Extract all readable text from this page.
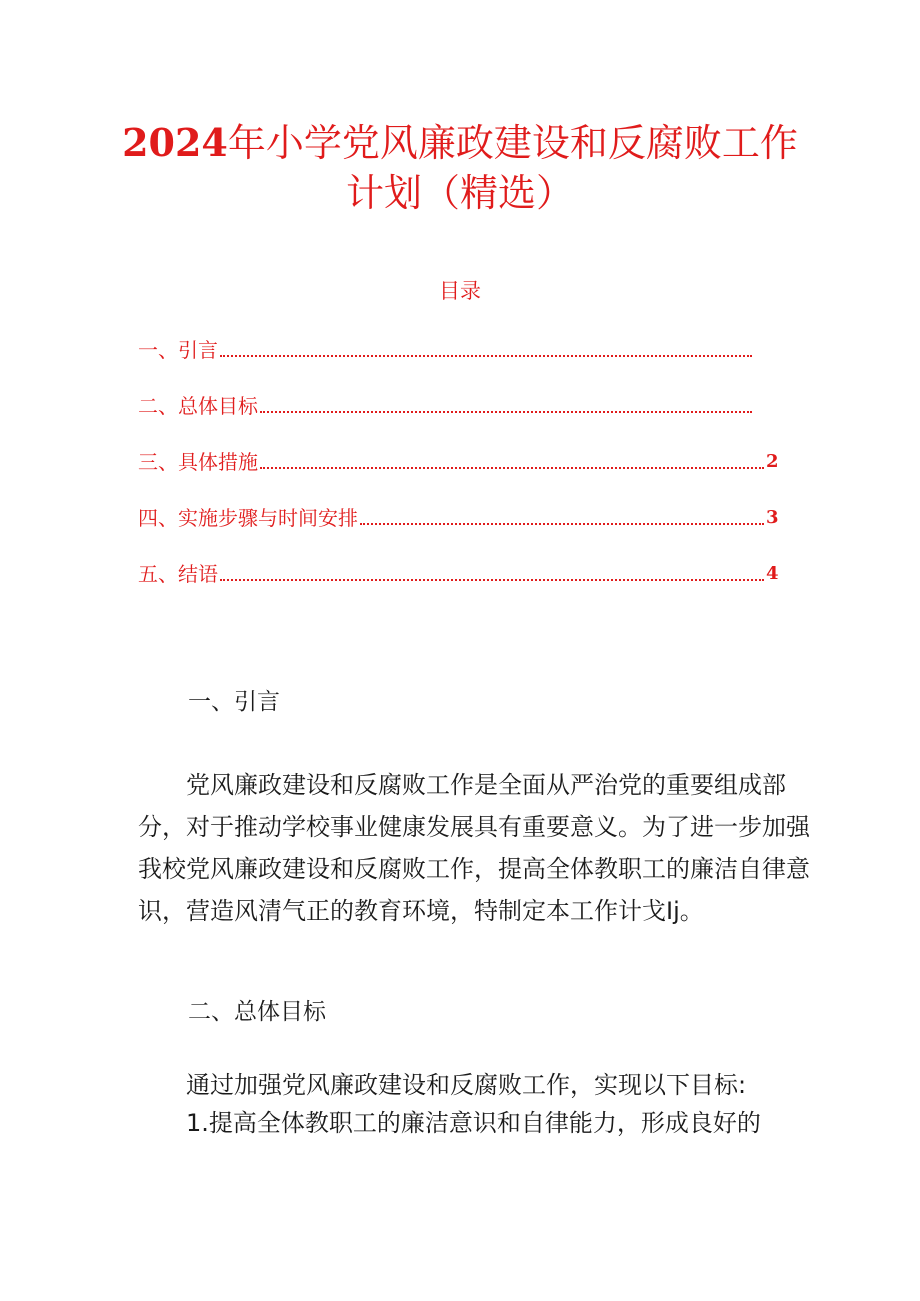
2024年小学党风廉政建设和反腐败工作
计划（精选）
目录
一、引言
二、总体目标
三、具体措施	2
四、实施步骤与时间安排	3
五、结语	4
一、引言
党风廉政建设和反腐败工作是全面从严治党的重要组成部
分，对于推动学校事业健康发展具有重要意义。为了进一步加强
我校党风廉政建设和反腐败工作，提高全体教职工的廉洁自律意
识，营造风清气正的教育环境，特制定本工作计戈Ij。
二、总体目标
通过加强党风廉政建设和反腐败工作，实现以下目标:
1.提高全体教职工的廉洁意识和自律能力，形成良好的
